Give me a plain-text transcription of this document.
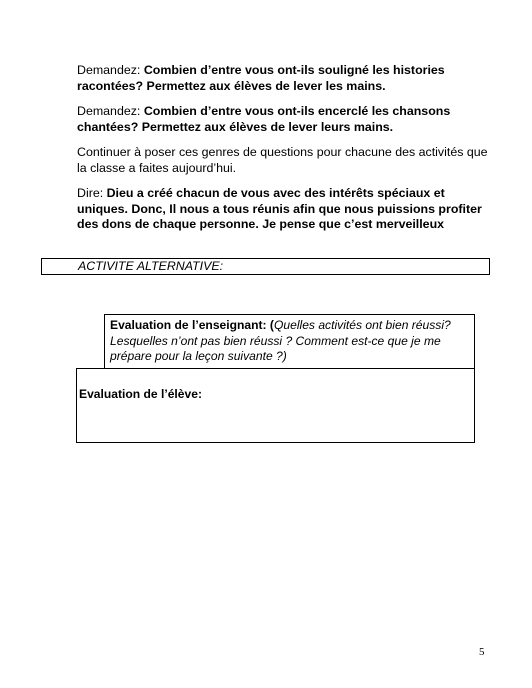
Demandez: Combien d’entre vous ont-ils souligné les histories racontées? Permettez aux élèves de lever les mains.

Demandez: Combien d’entre vous ont-ils encerclé les chansons chantées? Permettez aux élèves de lever leurs mains.

Continuer à poser ces genres de questions pour chacune des activités que la classe a faites aujourd’hui.

Dire: Dieu a créé chacun de vous avec des intérêts spéciaux et uniques. Donc, Il nous a tous réunis afin que nous puissions profiter des dons de chaque personne. Je pense que c’est merveilleux

ACTIVITE ALTERNATIVE:

Evaluation de l’enseignant: (Quelles activités ont bien réussi? Lesquelles n’ont pas bien réussi ? Comment est-ce que je me prépare pour la leçon suivante ?)

Evaluation de l’élève:
5
